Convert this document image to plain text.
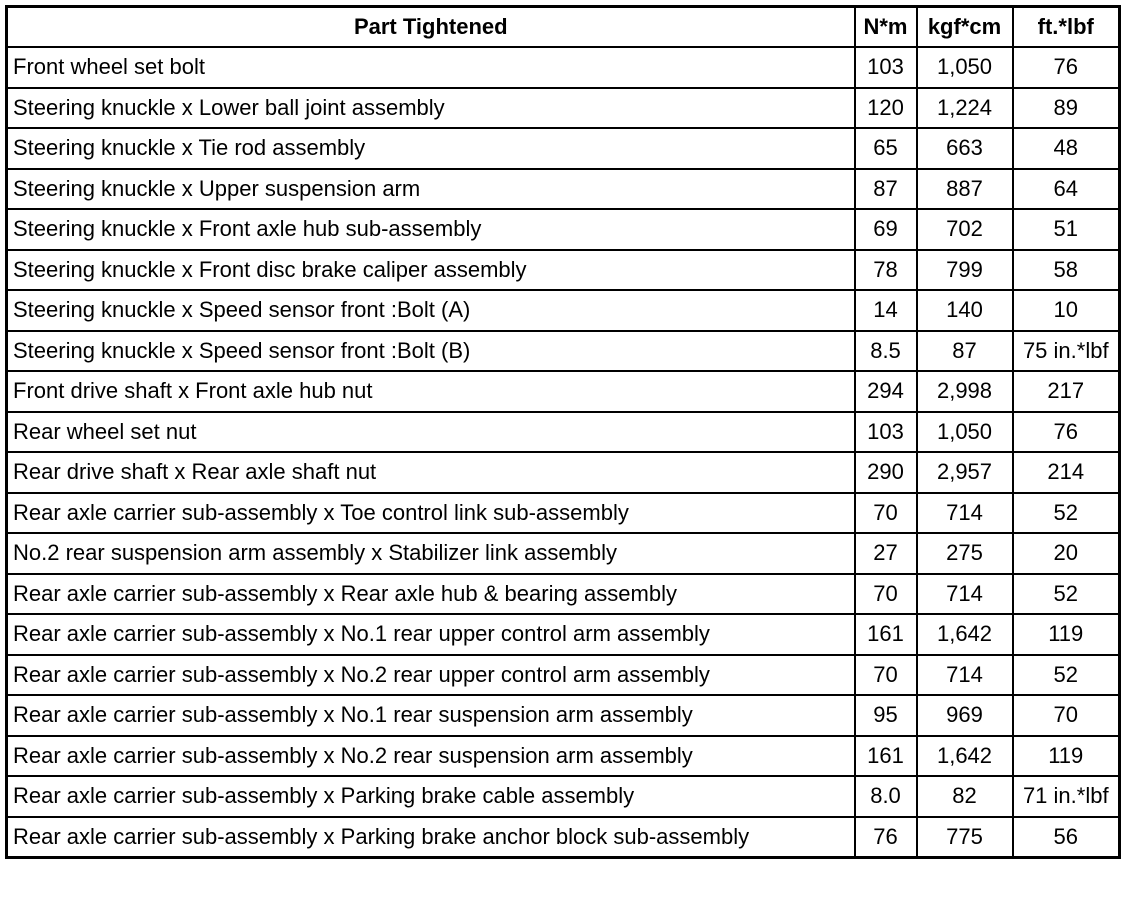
Part Tightened	N*m	kgf*cm	ft.*lbf
Front wheel set bolt	103	1,050	76
Steering knuckle x Lower ball joint assembly	120	1,224	89
Steering knuckle x Tie rod assembly	65	663	48
Steering knuckle x Upper suspension arm	87	887	64
Steering knuckle x Front axle hub sub-assembly	69	702	51
Steering knuckle x Front disc brake caliper assembly	78	799	58
Steering knuckle x Speed sensor front :Bolt (A)	14	140	10
Steering knuckle x Speed sensor front :Bolt (B)	8.5	87	75 in.*lbf
Front drive shaft x Front axle hub nut	294	2,998	217
Rear wheel set nut	103	1,050	76
Rear drive shaft x Rear axle shaft nut	290	2,957	214
Rear axle carrier sub-assembly x Toe control link sub-assembly	70	714	52
No.2 rear suspension arm assembly x Stabilizer link assembly	27	275	20
Rear axle carrier sub-assembly x Rear axle hub & bearing assembly	70	714	52
Rear axle carrier sub-assembly x No.1 rear upper control arm assembly	161	1,642	119
Rear axle carrier sub-assembly x No.2 rear upper control arm assembly	70	714	52
Rear axle carrier sub-assembly x No.1 rear suspension arm assembly	95	969	70
Rear axle carrier sub-assembly x No.2 rear suspension arm assembly	161	1,642	119
Rear axle carrier sub-assembly x Parking brake cable assembly	8.0	82	71 in.*lbf
Rear axle carrier sub-assembly x Parking brake anchor block sub-assembly	76	775	56
